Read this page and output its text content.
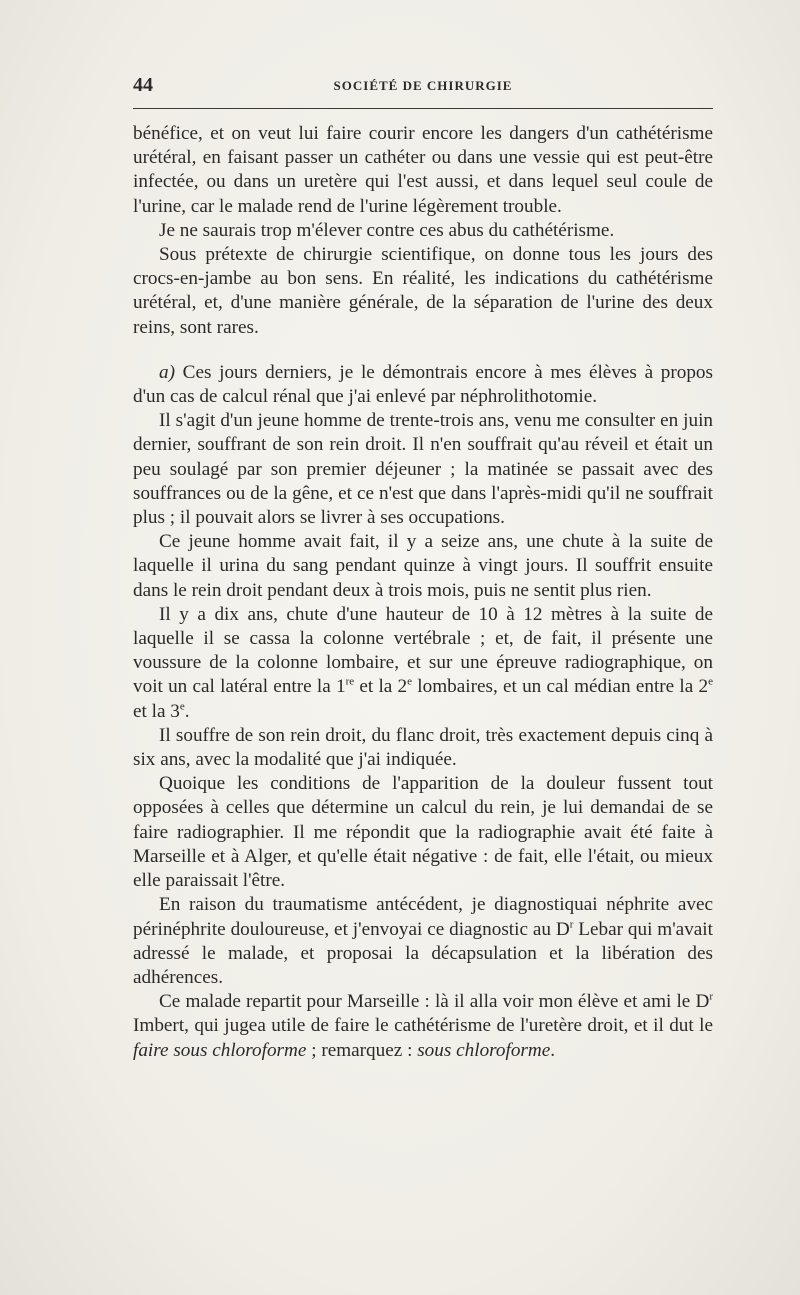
44	SOCIÉTÉ DE CHIRURGIE

bénéfice, et on veut lui faire courir encore les dangers d'un cathétérisme urétéral, en faisant passer un cathéter ou dans une vessie qui est peut-être infectée, ou dans un uretère qui l'est aussi, et dans lequel seul coule de l'urine, car le malade rend de l'urine légèrement trouble.

Je ne saurais trop m'élever contre ces abus du cathétérisme.

Sous prétexte de chirurgie scientifique, on donne tous les jours des crocs-en-jambe au bon sens. En réalité, les indications du cathétérisme urétéral, et, d'une manière générale, de la séparation de l'urine des deux reins, sont rares.

a) Ces jours derniers, je le démontrais encore à mes élèves à propos d'un cas de calcul rénal que j'ai enlevé par néphrolithotomie.

Il s'agit d'un jeune homme de trente-trois ans, venu me consulter en juin dernier, souffrant de son rein droit. Il n'en souffrait qu'au réveil et était un peu soulagé par son premier déjeuner ; la matinée se passait avec des souffrances ou de la gêne, et ce n'est que dans l'après-midi qu'il ne souffrait plus ; il pouvait alors se livrer à ses occupations.

Ce jeune homme avait fait, il y a seize ans, une chute à la suite de laquelle il urina du sang pendant quinze à vingt jours. Il souffrit ensuite dans le rein droit pendant deux à trois mois, puis ne sentit plus rien.

Il y a dix ans, chute d'une hauteur de 10 à 12 mètres à la suite de laquelle il se cassa la colonne vertébrale ; et, de fait, il présente une voussure de la colonne lombaire, et sur une épreuve radiographique, on voit un cal latéral entre la 1re et la 2e lombaires, et un cal médian entre la 2e et la 3e.

Il souffre de son rein droit, du flanc droit, très exactement depuis cinq à six ans, avec la modalité que j'ai indiquée.

Quoique les conditions de l'apparition de la douleur fussent tout opposées à celles que détermine un calcul du rein, je lui demandai de se faire radiographier. Il me répondit que la radiographie avait été faite à Marseille et à Alger, et qu'elle était négative : de fait, elle l'était, ou mieux elle paraissait l'être.

En raison du traumatisme antécédent, je diagnostiquai néphrite avec périnéphrite douloureuse, et j'envoyai ce diagnostic au $D^r$ Lebar qui m'avait adressé le malade, et proposai la décapsulation et la libération des adhérences.

Ce malade repartit pour Marseille : là il alla voir mon élève et ami le $D^r$ Imbert, qui jugea utile de faire le cathétérisme de l'uretère droit, et il dut le faire sous chloroforme ; remarquez : sous chloroforme.
